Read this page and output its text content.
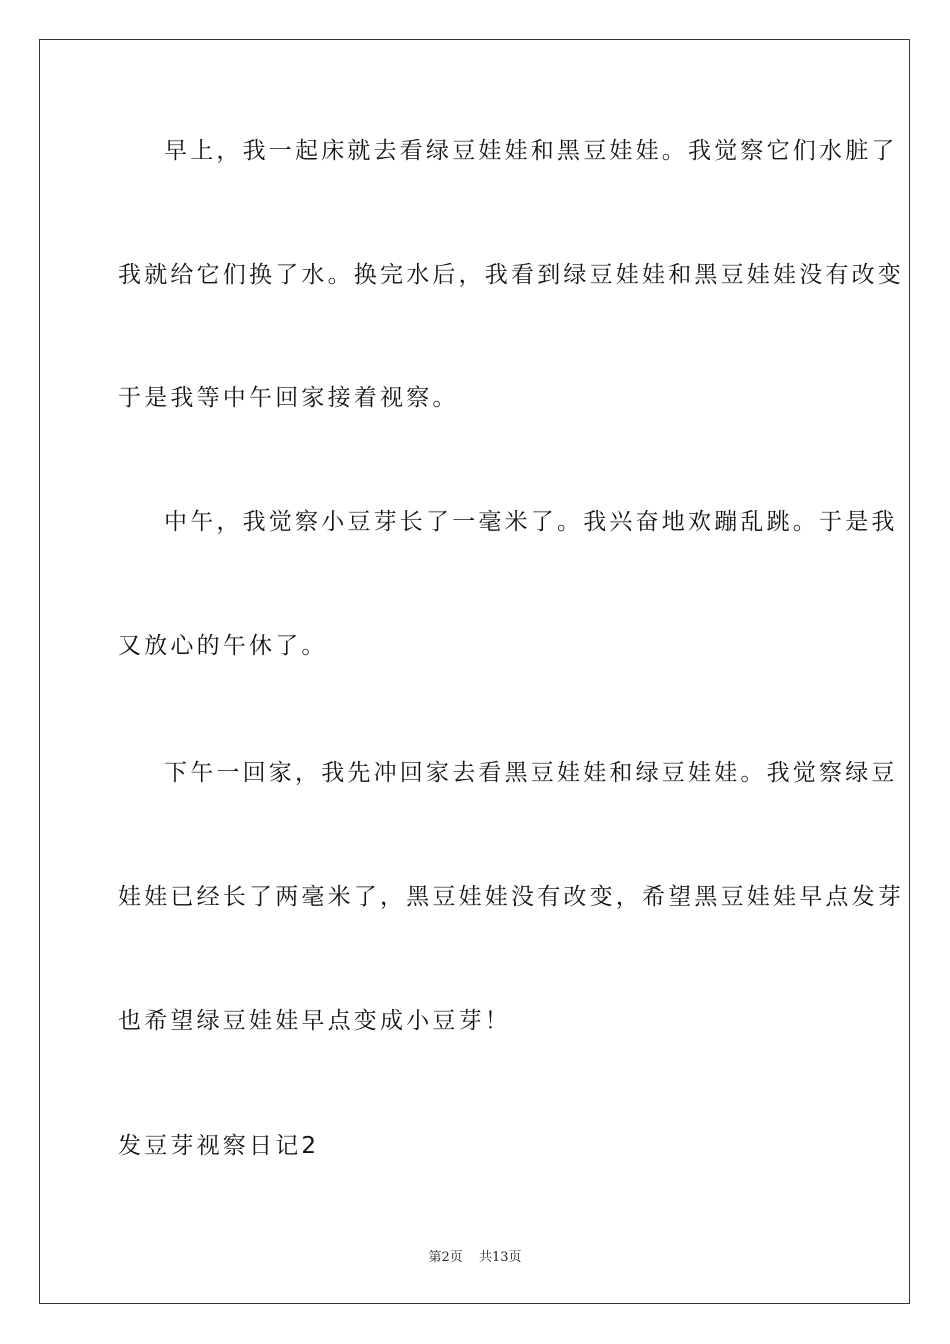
早上，我一起床就去看绿豆娃娃和黑豆娃娃。我觉察它们水脏了
我就给它们换了水。换完水后，我看到绿豆娃娃和黑豆娃娃没有改变
于是我等中午回家接着视察。
中午，我觉察小豆芽长了一毫米了。我兴奋地欢蹦乱跳。于是我
又放心的午休了。
下午一回家，我先冲回家去看黑豆娃娃和绿豆娃娃。我觉察绿豆
娃娃已经长了两毫米了，黑豆娃娃没有改变，希望黑豆娃娃早点发芽
也希望绿豆娃娃早点变成小豆芽！
发豆芽视察日记2
第2页 共13页
